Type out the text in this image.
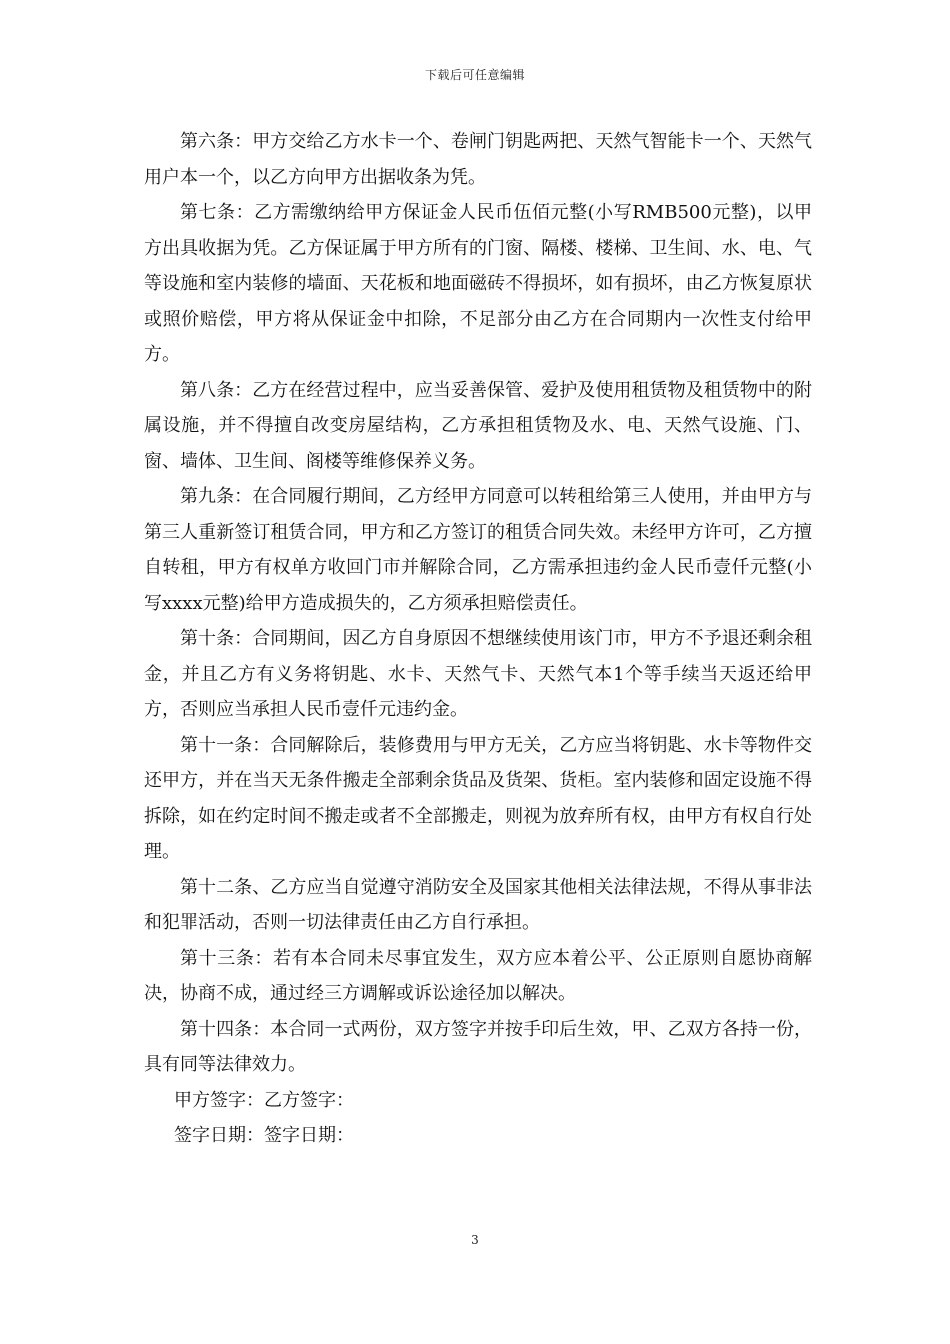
下载后可任意编辑

第六条：甲方交给乙方水卡一个、卷闸门钥匙两把、天然气智能卡一个、天然气用户本一个，以乙方向甲方出据收条为凭。

第七条：乙方需缴纳给甲方保证金人民币伍佰元整(小写RMB500元整)，以甲方出具收据为凭。乙方保证属于甲方所有的门窗、隔楼、楼梯、卫生间、水、电、气等设施和室内装修的墙面、天花板和地面磁砖不得损坏，如有损坏，由乙方恢复原状或照价赔偿，甲方将从保证金中扣除，不足部分由乙方在合同期内一次性支付给甲方。

第八条：乙方在经营过程中，应当妥善保管、爱护及使用租赁物及租赁物中的附属设施，并不得擅自改变房屋结构，乙方承担租赁物及水、电、天然气设施、门、窗、墙体、卫生间、阁楼等维修保养义务。

第九条：在合同履行期间，乙方经甲方同意可以转租给第三人使用，并由甲方与第三人重新签订租赁合同，甲方和乙方签订的租赁合同失效。未经甲方许可，乙方擅自转租，甲方有权单方收回门市并解除合同，乙方需承担违约金人民币壹仟元整(小写xxxx元整)给甲方造成损失的，乙方须承担赔偿责任。

第十条：合同期间，因乙方自身原因不想继续使用该门市，甲方不予退还剩余租金，并且乙方有义务将钥匙、水卡、天然气卡、天然气本1个等手续当天返还给甲方，否则应当承担人民币壹仟元违约金。

第十一条：合同解除后，装修费用与甲方无关，乙方应当将钥匙、水卡等物件交还甲方，并在当天无条件搬走全部剩余货品及货架、货柜。室内装修和固定设施不得拆除，如在约定时间不搬走或者不全部搬走，则视为放弃所有权，由甲方有权自行处理。

第十二条、乙方应当自觉遵守消防安全及国家其他相关法律法规，不得从事非法和犯罪活动，否则一切法律责任由乙方自行承担。

第十三条：若有本合同未尽事宜发生，双方应本着公平、公正原则自愿协商解决，协商不成，通过经三方调解或诉讼途径加以解决。

第十四条：本合同一式两份，双方签字并按手印后生效，甲、乙双方各持一份，具有同等法律效力。

甲方签字：乙方签字：

签字日期：签字日期：

3
